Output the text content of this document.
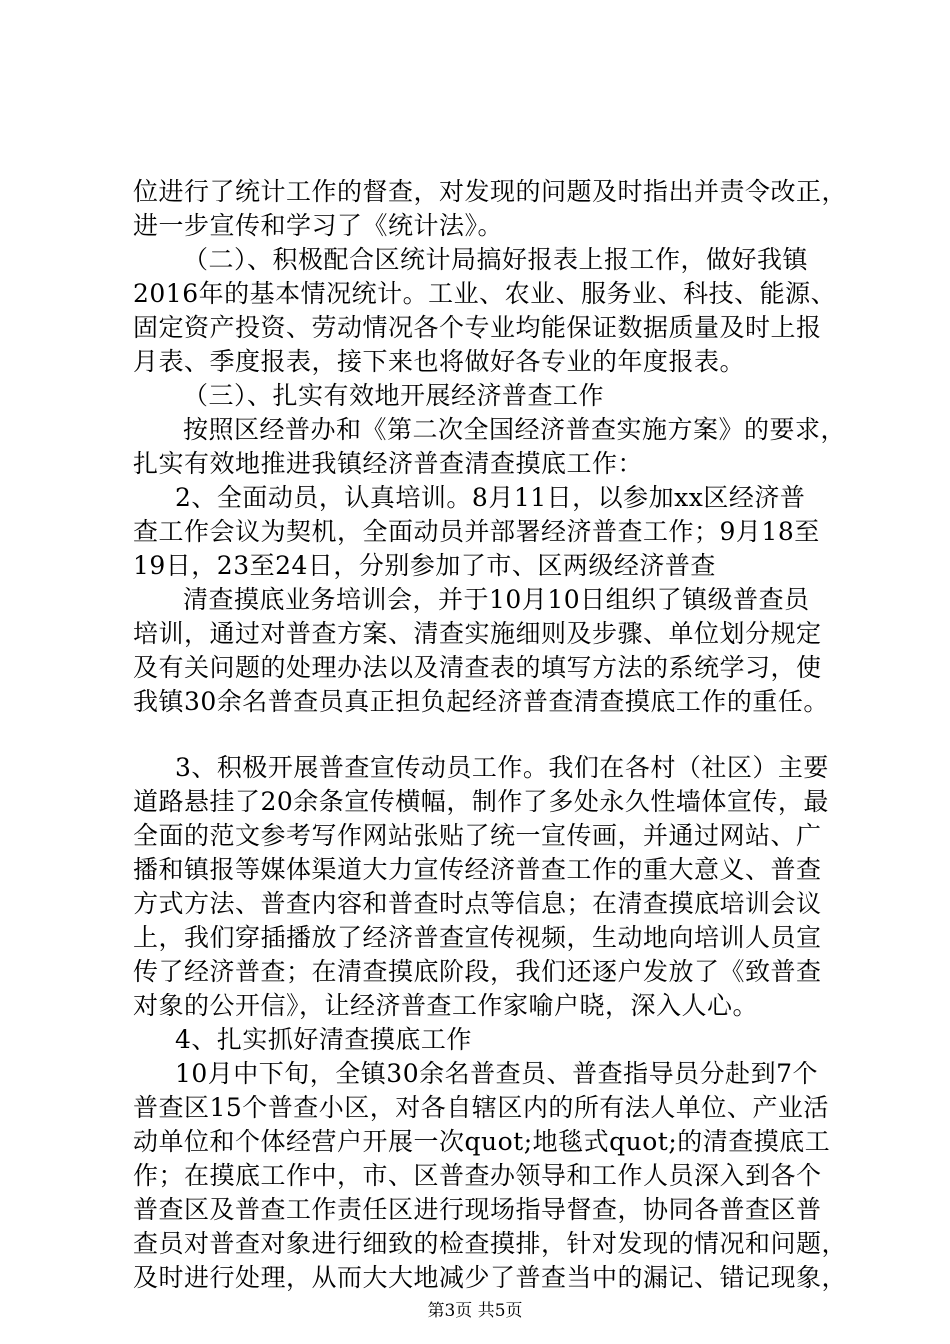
位进行了统计工作的督查，对发现的问题及时指出并责令改正，
进一步宣传和学习了《统计法》。
（二）、积极配合区统计局搞好报表上报工作，做好我镇
2016年的基本情况统计。工业、农业、服务业、科技、能源、
固定资产投资、劳动情况各个专业均能保证数据质量及时上报
月表、季度报表，接下来也将做好各专业的年度报表。
（三）、扎实有效地开展经济普查工作
按照区经普办和《第二次全国经济普查实施方案》的要求，
扎实有效地推进我镇经济普查清查摸底工作：
2、全面动员，认真培训。8月11日，以参加xx区经济普
查工作会议为契机，全面动员并部署经济普查工作；9月18至
19日，23至24日，分别参加了市、区两级经济普查
清查摸底业务培训会，并于10月10日组织了镇级普查员
培训，通过对普查方案、清查实施细则及步骤、单位划分规定
及有关问题的处理办法以及清查表的填写方法的系统学习，使
我镇30余名普查员真正担负起经济普查清查摸底工作的重任。
3、积极开展普查宣传动员工作。我们在各村（社区）主要
道路悬挂了20余条宣传横幅，制作了多处永久性墙体宣传，最
全面的范文参考写作网站张贴了统一宣传画，并通过网站、广
播和镇报等媒体渠道大力宣传经济普查工作的重大意义、普查
方式方法、普查内容和普查时点等信息；在清查摸底培训会议
上，我们穿插播放了经济普查宣传视频，生动地向培训人员宣
传了经济普查；在清查摸底阶段，我们还逐户发放了《致普查
对象的公开信》，让经济普查工作家喻户晓，深入人心。
4、扎实抓好清查摸底工作
10月中下旬，全镇30余名普查员、普查指导员分赴到7个
普查区15个普查小区，对各自辖区内的所有法人单位、产业活
动单位和个体经营户开展一次quot;地毯式quot;的清查摸底工
作；在摸底工作中，市、区普查办领导和工作人员深入到各个
普查区及普查工作责任区进行现场指导督查，协同各普查区普
查员对普查对象进行细致的检查摸排，针对发现的情况和问题，
及时进行处理，从而大大地减少了普查当中的漏记、错记现象，
第3页 共5页
